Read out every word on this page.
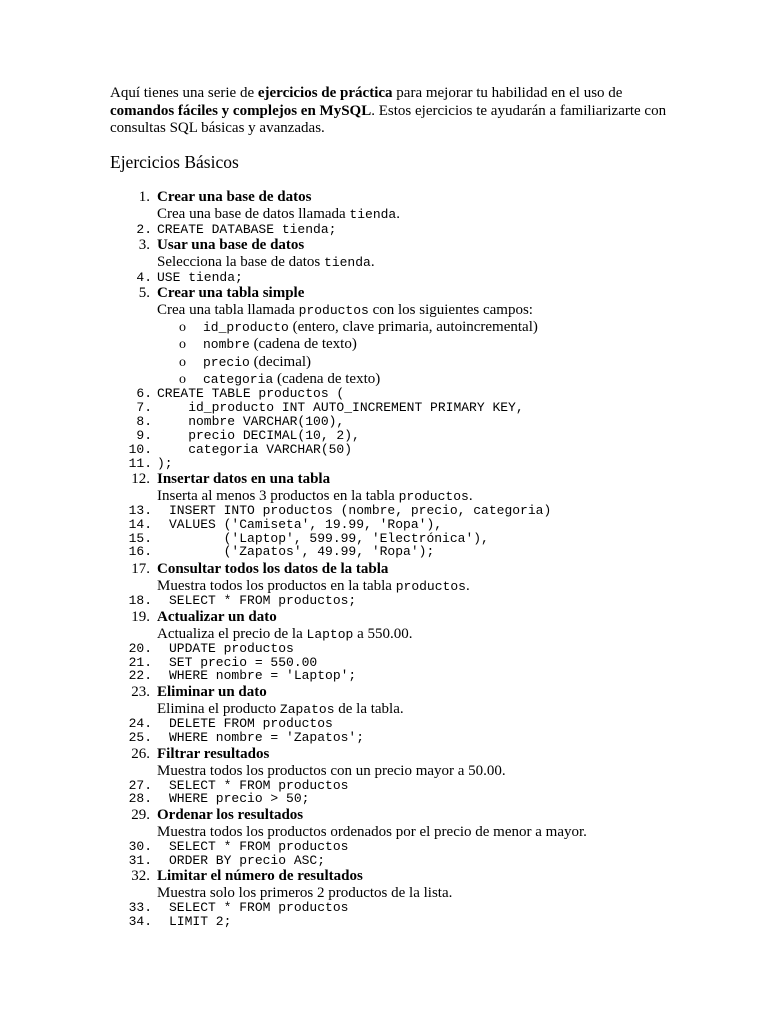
Aquí tienes una serie de ejercicios de práctica para mejorar tu habilidad en el uso de comandos fáciles y complejos en MySQL. Estos ejercicios te ayudarán a familiarizarte con consultas SQL básicas y avanzadas.

Ejercicios Básicos
1. Crear una base de datos
Crea una base de datos llamada tienda.
2. CREATE DATABASE tienda;
3. Usar una base de datos
Selecciona la base de datos tienda.
4. USE tienda;
5. Crear una tabla simple
Crea una tabla llamada productos con los siguientes campos:
o id_producto (entero, clave primaria, autoincremental)
o nombre (cadena de texto)
o precio (decimal)
o categoria (cadena de texto)
6. CREATE TABLE productos (
7. id_producto INT AUTO_INCREMENT PRIMARY KEY,
8. nombre VARCHAR(100),
9. precio DECIMAL(10, 2),
10. categoria VARCHAR(50)
11. );
12. Insertar datos en una tabla
Inserta al menos 3 productos en la tabla productos.
13. INSERT INTO productos (nombre, precio, categoria)
14. VALUES ('Camiseta', 19.99, 'Ropa'),
15. ('Laptop', 599.99, 'Electrónica'),
16. ('Zapatos', 49.99, 'Ropa');
17. Consultar todos los datos de la tabla
Muestra todos los productos en la tabla productos.
18. SELECT * FROM productos;
19. Actualizar un dato
Actualiza el precio de la Laptop a 550.00.
20. UPDATE productos
21. SET precio = 550.00
22. WHERE nombre = 'Laptop';
23. Eliminar un dato
Elimina el producto Zapatos de la tabla.
24. DELETE FROM productos
25. WHERE nombre = 'Zapatos';
26. Filtrar resultados
Muestra todos los productos con un precio mayor a 50.00.
27. SELECT * FROM productos
28. WHERE precio > 50;
29. Ordenar los resultados
Muestra todos los productos ordenados por el precio de menor a mayor.
30. SELECT * FROM productos
31. ORDER BY precio ASC;
32. Limitar el número de resultados
Muestra solo los primeros 2 productos de la lista.
33. SELECT * FROM productos
34. LIMIT 2;
